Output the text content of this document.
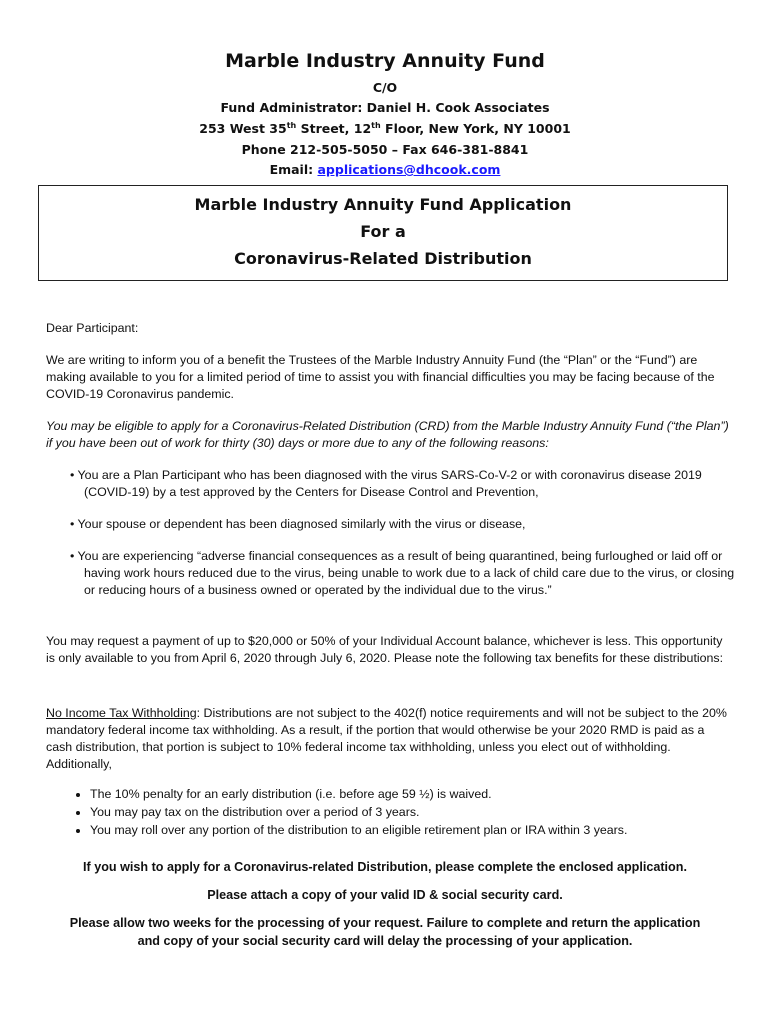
Marble Industry Annuity Fund
C/O
Fund Administrator: Daniel H. Cook Associates
253 West 35th Street, 12th Floor, New York, NY 10001
Phone 212-505-5050 – Fax 646-381-8841
Email: applications@dhcook.com
Marble Industry Annuity Fund Application
For a
Coronavirus-Related Distribution
Dear Participant:
We are writing to inform you of a benefit the Trustees of the Marble Industry Annuity Fund (the “Plan” or the “Fund”) are making available to you for a limited period of time to assist you with financial difficulties you may be facing because of the COVID-19 Coronavirus pandemic.
You may be eligible to apply for a Coronavirus-Related Distribution (CRD) from the Marble Industry Annuity Fund (“the Plan”) if you have been out of work for thirty (30) days or more due to any of the following reasons:
• You are a Plan Participant who has been diagnosed with the virus SARS-Co-V-2 or with coronavirus disease 2019 (COVID-19) by a test approved by the Centers for Disease Control and Prevention,
• Your spouse or dependent has been diagnosed similarly with the virus or disease,
• You are experiencing “adverse financial consequences as a result of being quarantined, being furloughed or laid off or having work hours reduced due to the virus, being unable to work due to a lack of child care due to the virus, or closing or reducing hours of a business owned or operated by the individual due to the virus.”
You may request a payment of up to $20,000 or 50% of your Individual Account balance, whichever is less. This opportunity is only available to you from April 6, 2020 through July 6, 2020. Please note the following tax benefits for these distributions:
No Income Tax Withholding: Distributions are not subject to the 402(f) notice requirements and will not be subject to the 20% mandatory federal income tax withholding. As a result, if the portion that would otherwise be your 2020 RMD is paid as a cash distribution, that portion is subject to 10% federal income tax withholding, unless you elect out of withholding. Additionally,
• The 10% penalty for an early distribution (i.e. before age 59 ½) is waived.
• You may pay tax on the distribution over a period of 3 years.
• You may roll over any portion of the distribution to an eligible retirement plan or IRA within 3 years.
If you wish to apply for a Coronavirus-related Distribution, please complete the enclosed application.
Please attach a copy of your valid ID & social security card.
Please allow two weeks for the processing of your request. Failure to complete and return the application and copy of your social security card will delay the processing of your application.
